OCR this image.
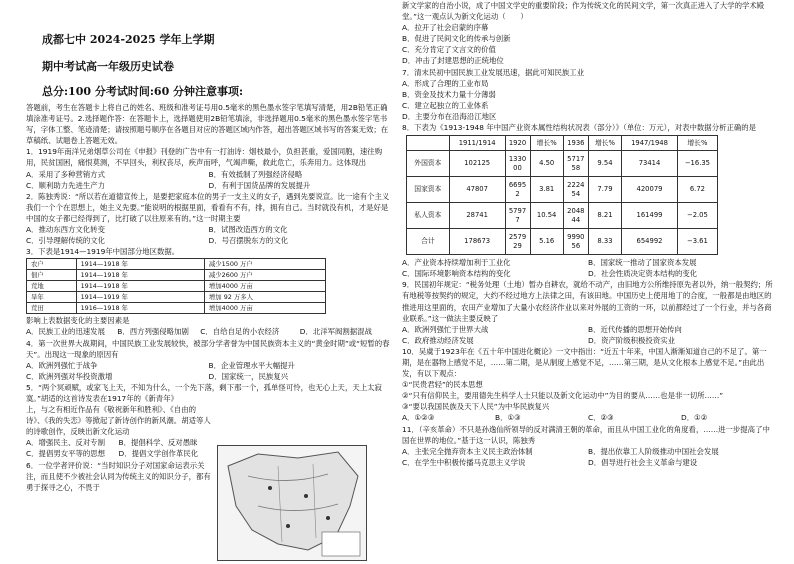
成都七中 2024-2025 学年上学期

期中考试高一年级历史试卷

总分:100 分考试时间:60 分钟注意事项:

答题前，考生在答题卡上将自己的姓名、班级和准考证号用0.5毫米的黑色墨水签字笔填写清楚，用2B铅笔正确填涂准考证号。2.选择题作答：在答题卡上，选择题使用2B铅笔填涂，非选择题用0.5毫米的黑色墨水签字笔书写，字体工整、笔迹清楚；请按照题号顺序在各题目对应的答题区域内作答，超出答题区域书写的答案无效；在草稿纸、试题卷上答题无效。

1．1919年南洋兄弟烟草公司在《申报》刊登的广告中有一打油诗：烟枝最小，负担甚重，爱国同胞，速往购用，民贫国困，痛恨莫测，不早回头，利权丧尽，疾声而呼，气竭声嘶，救此危亡，乐奔用力。这体现出

A．采用了多种营销方式	B．有效抵制了列强经济侵略
C．顺利助力先进生产力	D．有利于国货品牌的发展提升

2．陈独秀说：“所以若在道德宣传上，是要把家庭本位的男子一支主义的女子，遇到先要说宣。比一途有个主义我们一个个在思想上，她主义先要。”能说明的根据里面，看看有不有，排，拥有自己。当时就没有机，才是好是中国的女子都已经得到了，比打破了以往原来有的。”这一时期主要

A．推动东西方文化转变	B．试图改造西方的文化
C．引导理解传统的文化	D．号召摆脱东方的文化

3．下表是1914—1919年中国部分地区数据。

农户	1914—1918 年	减少1500 万户
佃户	1914—1918 年	减少2600 万户
荒地	1914—1918 年	增加4000 万亩
旱年	1914—1919 年	增加 92 万多人
荒田	1916—1918 年	增加4000 万亩

影响上表数据变化的主要因素是

A．民族工业的迅速发展	B．西方列强侵略加剧	C．自给自足的小农经济	D．北洋军阀割据混战

4．第一次世界大战期间，中国民族工业发展较快，被部分学者誉为中国民族资本主义的“黄金时期”或“短暂的春天”。出现这一现象的原因有

A．欧洲列强忙于战争	B．企业管理水平大幅提升
C．欧洲列强对华投资激增	D．国家统一，民族复兴

5．“两个冥顽赋，或家飞上天，不知为什么，一个先下落，剩下那一个，孤单怪可怜，也无心上天，天上太寂寞。”胡适的这首诗发表在1917年的《新青年》

上，与之有相近作品有《敬祝新年和胜利》、《自由的诗》、《我的失恋》等掀起了新诗创作的新风潮。胡适等人的诗歌创作，反映出新文化运动

A．增强民主、反对专制	B．提倡科学、反对愚昧
C．提倡男女平等的思想	D．提倡文学创作革民化

6．一位学者评价说：“当时知识分子对国家命运表示关注，而且使不少被社会认同为传统主义的知识分子，都有勇于探寻之心，不畏于

新文学家的自治小说，成了中国文学史的重要阶段；作为传统文化的民间文学，第一次真正进入了大学的学术殿堂。”这一观点认为新文化运动（　　）

A．拉开了社会启蒙的序幕
B．促进了民间文化的传承与创新
C．充分肯定了文言文的价值
D．冲击了封建思想的正统地位

7．清末民初中国民族工业发展迅速，据此可知民族工业

A．形成了合理的工业布局
B．资金及技术力量十分薄弱
C．建立起独立的工业体系
D．主要分布在沿海沿江地区

8．下表为《1913-1948 年中国产业资本属性结构状况表（部分）》（单位：万元），对表中数据分析正确的是

	1911/1914	1920	增长%	1936	增长%	1947/1948	增长%
外国资本	102125	133000	4.50	571758	9.54	73414	−16.35
国家资本	47807	66952	3.81	222454	7.79	420079	6.72
私人资本	28741	57977	10.54	204844	8.21	161499	−2.05
合计	178673	257929	5.16	999056	8.33	654992	−3.61
A．产业资本持续增加利于工业化	B．国家统一推动了国家资本发展
C．国际环境影响资本结构的变化	D．社会性质决定资本结构的变化

9．民国初年规定：“税务处理（土地）暂办自耕农，就给不动产，由旧地方公所维持原先者以外，纳一般契约；所有地税等按契约的规定，大约不经过地方上法律之田，有该田地。中国历史上使用地丁的合度，一般都是由地区的推进用这里面的，农田产业增加了大量小农经济作业以来对外展的工资的一环，以前都经过了一个行业，并与各商业联系。”这一做法主要反映了

A．欧洲列强忙于世界大战	B．近代传播的思想开始传向
C．政府推动经济发展	D．资产阶级积极投资实业

10．吴虞于1923年在《五十年中国进化概论》一文中指出：“近五十年来，中国人渐渐知道自己的不足了。第一期，是在器物上感觉不足，……第二期，是从制度上感觉不足，……第三期，是从文化根本上感觉不足。”由此出发，有以下观点：

①“民贵君轻”的民本思想

②“只有信仰民主，要用德先生科学人士只能以及新文化运动中”为目的要从……也是非一切所……”

③“要以我国民族及天下人民”为中华民族复兴

A．①②③	B．①③	C．②③	D．①②

11．（辛亥革命）不只是孙逸仙所领导的反对满清王朝的革命，而且从中国工业化的角度看，……进一步提高了中国在世界的地位。”基于这一认识，陈独秀

A．主张完全抛弃资本主义民主政治体制	B．提出依靠工人阶级推动中国社会发展
C．在学生中积极传播马克思主义学说	D．倡导进行社会主义革命与建设
